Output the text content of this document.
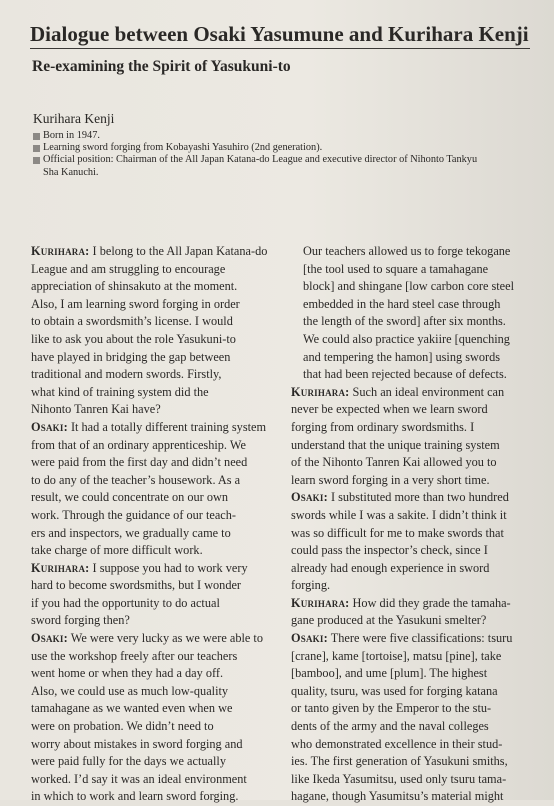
Dialogue between Osaki Yasumune and Kurihara Kenji
Re-examining the Spirit of Yasukuni-to
Kurihara Kenji
Born in 1947.
Learning sword forging from Kobayashi Yasuhiro (2nd generation).
Official position: Chairman of the All Japan Katana-do League and executive director of Nihonto Tankyu
Sha Kanuchi.
Kurihara: I belong to the All Japan Katana-do
League and am struggling to encourage
appreciation of shinsakuto at the moment.
Also, I am learning sword forging in order
to obtain a swordsmith’s license. I would
like to ask you about the role Yasukuni-to
have played in bridging the gap between
traditional and modern swords. Firstly,
what kind of training system did the
Nihonto Tanren Kai have?
Osaki: It had a totally different training system
from that of an ordinary apprenticeship. We
were paid from the first day and didn’t need
to do any of the teacher’s housework. As a
result, we could concentrate on our own
work. Through the guidance of our teach-
ers and inspectors, we gradually came to
take charge of more difficult work.
Kurihara: I suppose you had to work very
hard to become swordsmiths, but I wonder
if you had the opportunity to do actual
sword forging then?
Osaki: We were very lucky as we were able to
use the workshop freely after our teachers
went home or when they had a day off.
Also, we could use as much low-quality
tamahagane as we wanted even when we
were on probation. We didn’t need to
worry about mistakes in sword forging and
were paid fully for the days we actually
worked. I’d say it was an ideal environment
in which to work and learn sword forging.
Our teachers allowed us to forge tekogane
[the tool used to square a tamahagane
block] and shingane [low carbon core steel
embedded in the hard steel case through
the length of the sword] after six months.
We could also practice yakiire [quenching
and tempering the hamon] using swords
that had been rejected because of defects.
Kurihara: Such an ideal environment can
never be expected when we learn sword
forging from ordinary swordsmiths. I
understand that the unique training system
of the Nihonto Tanren Kai allowed you to
learn sword forging in a very short time.
Osaki: I substituted more than two hundred
swords while I was a sakite. I didn’t think it
was so difficult for me to make swords that
could pass the inspector’s check, since I
already had enough experience in sword
forging.
Kurihara: How did they grade the tamaha-
gane produced at the Yasukuni smelter?
Osaki: There were five classifications: tsuru
[crane], kame [tortoise], matsu [pine], take
[bamboo], and ume [plum]. The highest
quality, tsuru, was used for forging katana
or tanto given by the Emperor to the stu-
dents of the army and the naval colleges
who demonstrated excellence in their stud-
ies. The first generation of Yasukuni smiths,
like Ikeda Yasumitsu, used only tsuru tama-
hagane, though Yasumitsu’s material might
